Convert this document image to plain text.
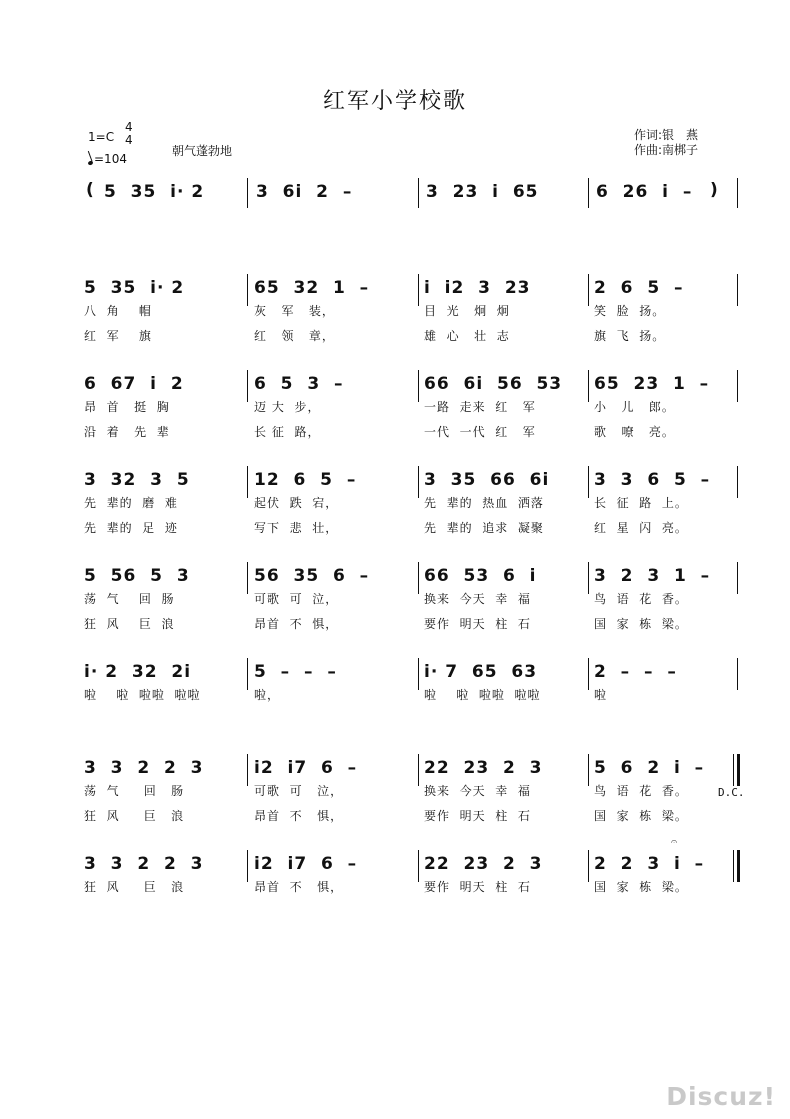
红军小学校歌
1=C
4
4
=104
朝气蓬勃地
作词:银　燕
作曲:南梆子
( 5  35  i· 2	3  6i  2  –	3  23  i  65	6  26  i  – )
5  35  i· 2
八  角    帽
红  军    旗
65  32  1  –
灰   军   装，
红   领   章，
i  i2  3  23
目  光   炯  炯
雄  心   壮  志
2  6  5  –
笑  脸  扬。
旗  飞  扬。
6  67  i  2
昂  首   挺  胸
沿  着   先  辈
6  5  3  –
迈 大  步，
长 征  路，
66  6i  56  53
一路  走来  红   军
一代  一代  红   军
65  23  1  –
小   儿   郎。
歌   嘹   亮。
3  32  3  5
先  辈的  磨  难
先  辈的  足  迹
12  6  5  –
起伏  跌  宕，
写下  悲  壮，
3  35  66  6i
先  辈的  热血  洒落
先  辈的  追求  凝聚
3  3  6  5  –
长  征  路  上。
红  星  闪  亮。
5  56  5  3
荡  气    回  肠
狂  风    巨  浪
56  35  6  –
可歌  可  泣，
昂首  不  惧，
66  53  6  i
换来  今天  幸  福
要作  明天  柱  石
3  2  3  1  –
鸟  语  花  香。
国  家  栋  梁。
i· 2  32  2i
啦    啦  啦啦  啦啦
5  –  –  –
啦，
i· 7  65  63
啦    啦  啦啦  啦啦
2  –  –  –
啦
3  3  2  2  3
荡  气     回   肠
狂  风     巨   浪
i2  i7  6  –
可歌  可   泣，
昂首  不   惧，
22  23  2  3
换来  今天  幸  福
要作  明天  柱  石
5  6  2  i  –
鸟  语  花  香。
国  家  栋  梁。
3  3  2  2  3
狂  风     巨   浪
i2  i7  6  –
昂首  不   惧，
22  23  2  3
要作  明天  柱  石
2  2  3  i  –
国  家  栋  梁。
D.C.
𝄐
Discuz!
